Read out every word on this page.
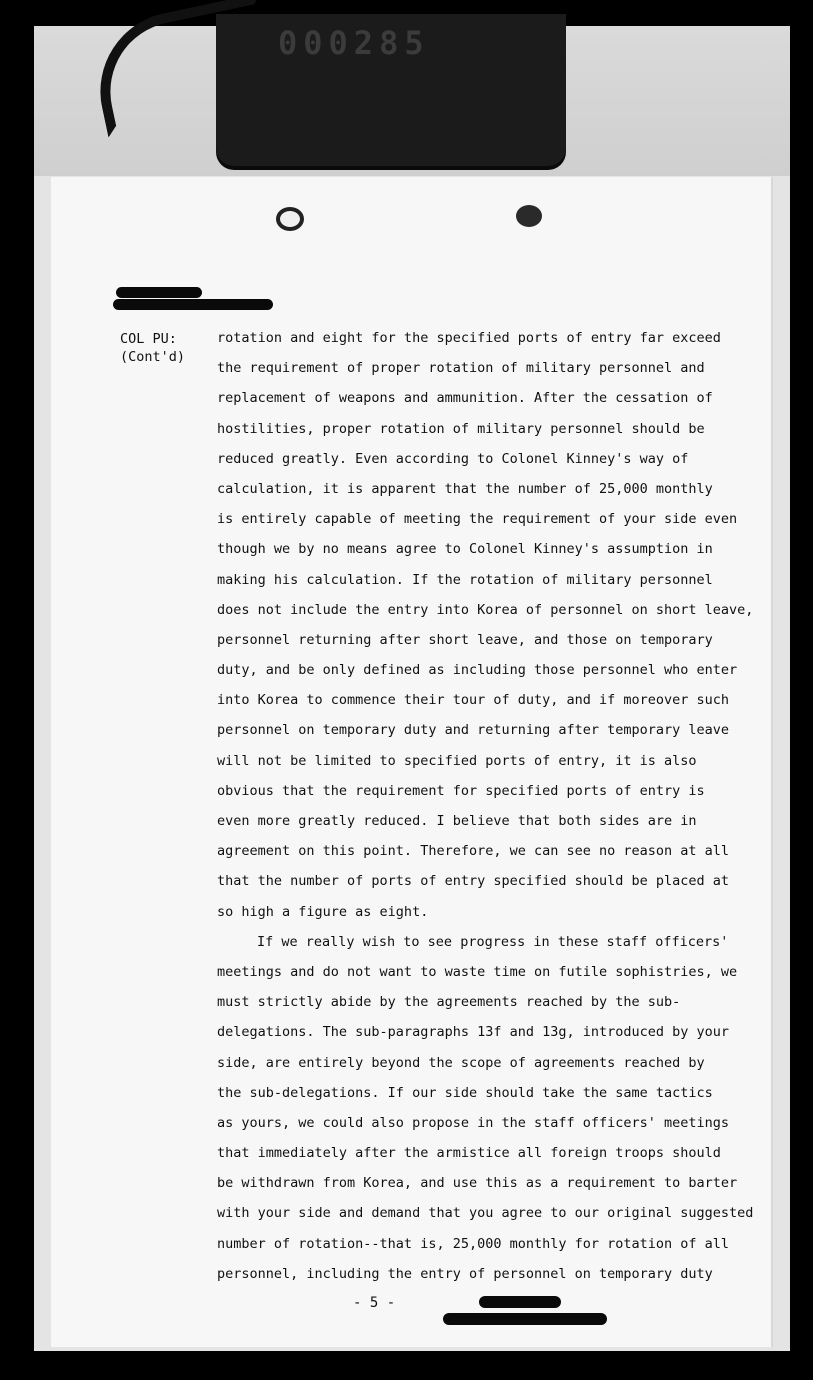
000285
COL PU:
(Cont'd)
rotation and eight for the specified ports of entry far exceed
the requirement of proper rotation of military personnel and
replacement of weapons and ammunition. After the cessation of
hostilities, proper rotation of military personnel should be
reduced greatly. Even according to Colonel Kinney's way of
calculation, it is apparent that the number of 25,000 monthly
is entirely capable of meeting the requirement of your side even
though we by no means agree to Colonel Kinney's assumption in
making his calculation. If the rotation of military personnel
does not include the entry into Korea of personnel on short leave,
personnel returning after short leave, and those on temporary
duty, and be only defined as including those personnel who enter
into Korea to commence their tour of duty, and if moreover such
personnel on temporary duty and returning after temporary leave
will not be limited to specified ports of entry, it is also
obvious that the requirement for specified ports of entry is
even more greatly reduced. I believe that both sides are in
agreement on this point. Therefore, we can see no reason at all
that the number of ports of entry specified should be placed at
so high a figure as eight.
If we really wish to see progress in these staff officers'
meetings and do not want to waste time on futile sophistries, we
must strictly abide by the agreements reached by the sub-
delegations. The sub-paragraphs 13f and 13g, introduced by your
side, are entirely beyond the scope of agreements reached by
the sub-delegations. If our side should take the same tactics
as yours, we could also propose in the staff officers' meetings
that immediately after the armistice all foreign troops should
be withdrawn from Korea, and use this as a requirement to barter
with your side and demand that you agree to our original suggested
number of rotation--that is, 25,000 monthly for rotation of all
personnel, including the entry of personnel on temporary duty
- 5 -
